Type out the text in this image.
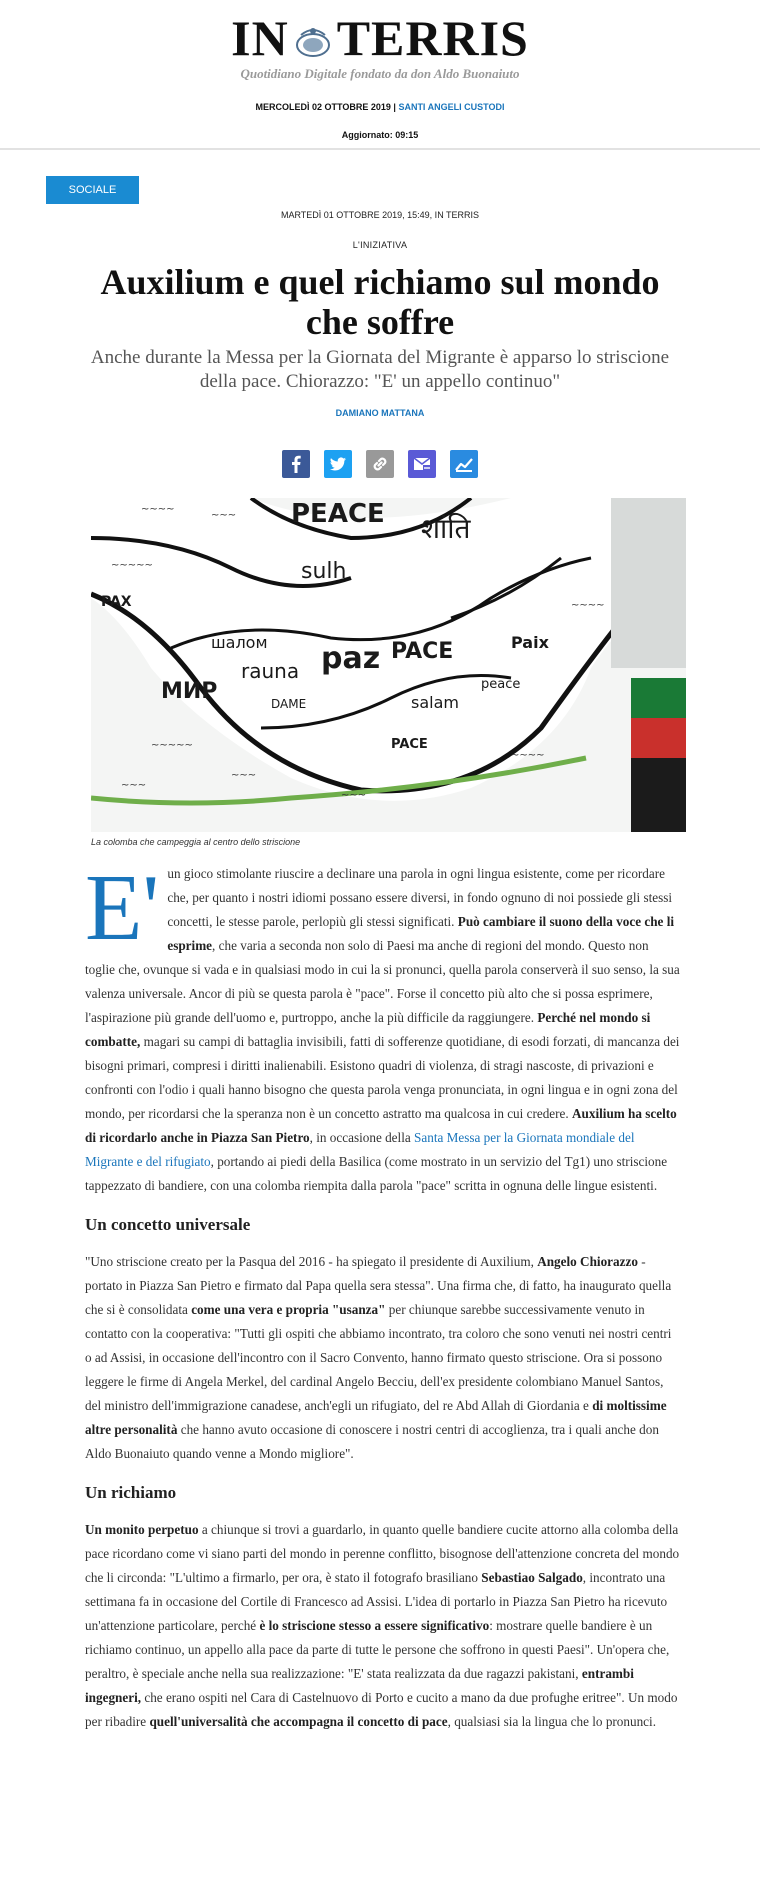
IN TERRIS
Quotidiano Digitale fondato da don Aldo Buonaiuto
MERCOLEDÌ 02 OTTOBRE 2019 | SANTI ANGELI CUSTODI
Aggiornato: 09:15
SOCIALE
MARTEDÌ 01 OTTOBRE 2019, 15:49, IN TERRIS
L'INIZIATIVA
Auxilium e quel richiamo sul mondo che soffre

Anche durante la Messa per la Giornata del Migrante è apparso lo striscione della pace. Chiorazzo: "E' un appello continuo"

DAMIANO MATTANA

PEACE
PAX
MИР
PACE
paz
salam
шалом	Paix
DAME
peace
PACE
शांति
sulh
rauna
~~~~
~~~
~~~~~
~~~~
~~~~~
~~~
~~~~
~~~
~~~
La colomba che campeggia al centro dello striscione

E' un gioco stimolante riuscire a declinare una parola in ogni lingua esistente, come per ricordare che, per quanto i nostri idiomi possano essere diversi, in fondo ognuno di noi possiede gli stessi concetti, le stesse parole, perlopiù gli stessi significati. Può cambiare il suono della voce che li esprime, che varia a seconda non solo di Paesi ma anche di regioni del mondo. Questo non toglie che, ovunque si vada e in qualsiasi modo in cui la si pronunci, quella parola conserverà il suo senso, la sua valenza universale. Ancor di più se questa parola è "pace". Forse il concetto più alto che si possa esprimere, l'aspirazione più grande dell'uomo e, purtroppo, anche la più difficile da raggiungere. Perché nel mondo si combatte, magari su campi di battaglia invisibili, fatti di sofferenze quotidiane, di esodi forzati, di mancanza dei bisogni primari, compresi i diritti inalienabili. Esistono quadri di violenza, di stragi nascoste, di privazioni e confronti con l'odio i quali hanno bisogno che questa parola venga pronunciata, in ogni lingua e in ogni zona del mondo, per ricordarsi che la speranza non è un concetto astratto ma qualcosa in cui credere. Auxilium ha scelto di ricordarlo anche in Piazza San Pietro, in occasione della Santa Messa per la Giornata mondiale del Migrante e del rifugiato, portando ai piedi della Basilica (come mostrato in un servizio del Tg1) uno striscione tappezzato di bandiere, con una colomba riempita dalla parola "pace" scritta in ognuna delle lingue esistenti.

Un concetto universale

"Uno striscione creato per la Pasqua del 2016 - ha spiegato il presidente di Auxilium, Angelo Chiorazzo - portato in Piazza San Pietro e firmato dal Papa quella sera stessa". Una firma che, di fatto, ha inaugurato quella che si è consolidata come una vera e propria "usanza" per chiunque sarebbe successivamente venuto in contatto con la cooperativa: "Tutti gli ospiti che abbiamo incontrato, tra coloro che sono venuti nei nostri centri o ad Assisi, in occasione dell'incontro con il Sacro Convento, hanno firmato questo striscione. Ora si possono leggere le firme di Angela Merkel, del cardinal Angelo Becciu, dell'ex presidente colombiano Manuel Santos, del ministro dell'immigrazione canadese, anch'egli un rifugiato, del re Abd Allah di Giordania e di moltissime altre personalità che hanno avuto occasione di conoscere i nostri centri di accoglienza, tra i quali anche don Aldo Buonaiuto quando venne a Mondo migliore".

Un richiamo

Un monito perpetuo a chiunque si trovi a guardarlo, in quanto quelle bandiere cucite attorno alla colomba della pace ricordano come vi siano parti del mondo in perenne conflitto, bisognose dell'attenzione concreta del mondo che li circonda: "L'ultimo a firmarlo, per ora, è stato il fotografo brasiliano Sebastiao Salgado, incontrato una settimana fa in occasione del Cortile di Francesco ad Assisi. L'idea di portarlo in Piazza San Pietro ha ricevuto un'attenzione particolare, perché è lo striscione stesso a essere significativo: mostrare quelle bandiere è un richiamo continuo, un appello alla pace da parte di tutte le persone che soffrono in questi Paesi". Un'opera che, peraltro, è speciale anche nella sua realizzazione: "E' stata realizzata da due ragazzi pakistani, entrambi ingegneri, che erano ospiti nel Cara di Castelnuovo di Porto e cucito a mano da due profughe eritree". Un modo per ribadire quell'universalità che accompagna il concetto di pace, qualsiasi sia la lingua che lo pronunci.
